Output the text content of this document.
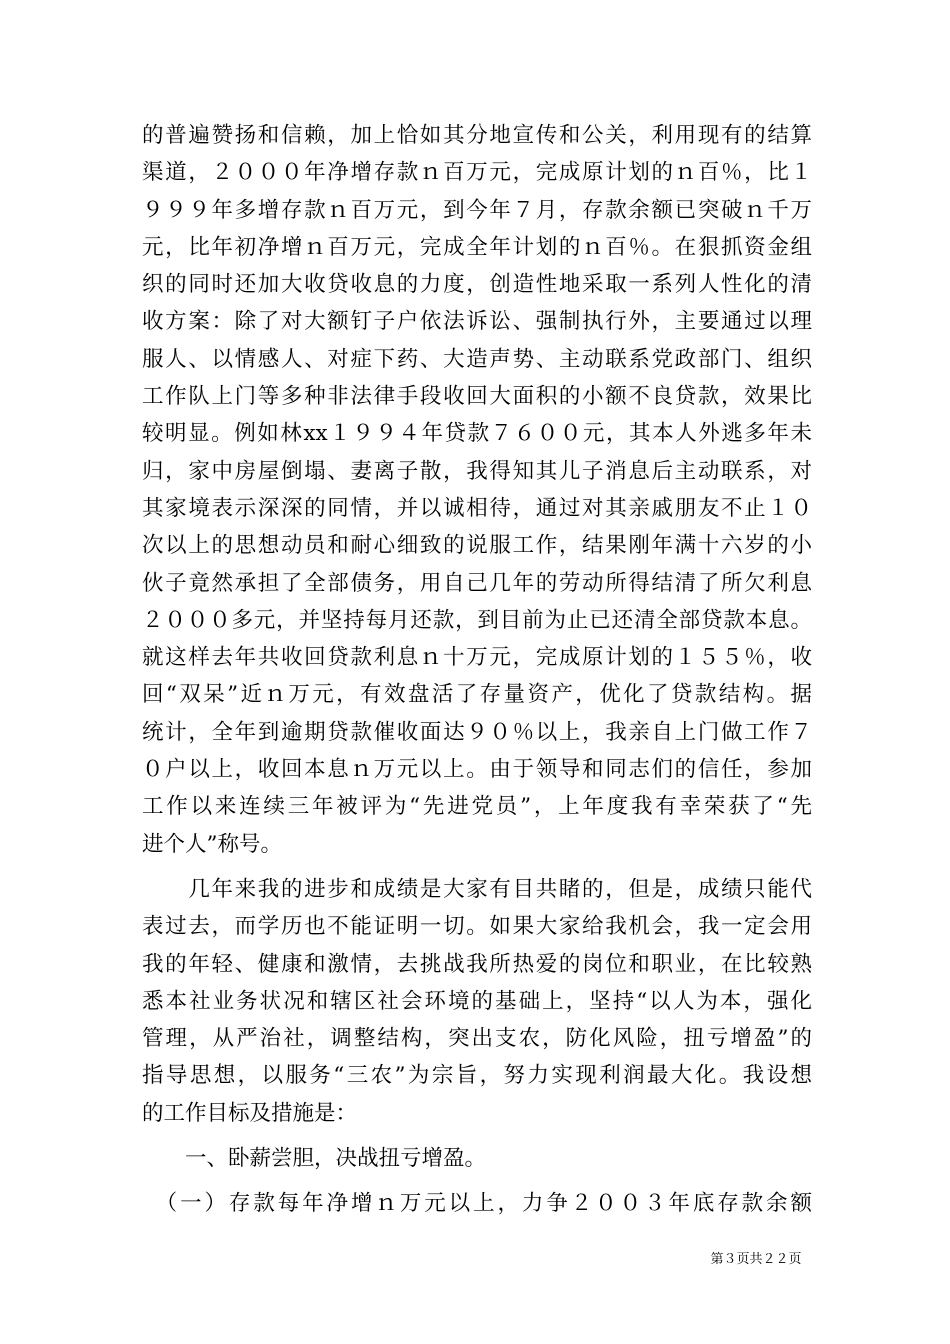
的普遍赞扬和信赖，加上恰如其分地宣传和公关，利用现有的结算
渠道，２０００年净增存款ｎ百万元，完成原计划的ｎ百％，比１
９９９年多增存款ｎ百万元，到今年７月，存款余额已突破ｎ千万
元，比年初净增ｎ百万元，完成全年计划的ｎ百％。在狠抓资金组
织的同时还加大收贷收息的力度，创造性地采取一系列人性化的清
收方案：除了对大额钉子户依法诉讼、强制执行外，主要通过以理
服人、以情感人、对症下药、大造声势、主动联系党政部门、组织
工作队上门等多种非法律手段收回大面积的小额不良贷款，效果比
较明显。例如林xx１９９４年贷款７６００元，其本人外逃多年未
归，家中房屋倒塌、妻离子散，我得知其儿子消息后主动联系，对
其家境表示深深的同情，并以诚相待，通过对其亲戚朋友不止１０
次以上的思想动员和耐心细致的说服工作，结果刚年满十六岁的小
伙子竟然承担了全部债务，用自己几年的劳动所得结清了所欠利息
２０００多元，并坚持每月还款，到目前为止已还清全部贷款本息。
就这样去年共收回贷款利息ｎ十万元，完成原计划的１５５％，收
回“双呆”近ｎ万元，有效盘活了存量资产，优化了贷款结构。据
统计，全年到逾期贷款催收面达９０％以上，我亲自上门做工作７
０户以上，收回本息ｎ万元以上。由于领导和同志们的信任，参加
工作以来连续三年被评为“先进党员”，上年度我有幸荣获了“先
进个人”称号。
　　几年来我的进步和成绩是大家有目共睹的，但是，成绩只能代
表过去，而学历也不能证明一切。如果大家给我机会，我一定会用
我的年轻、健康和激情，去挑战我所热爱的岗位和职业，在比较熟
悉本社业务状况和辖区社会环境的基础上，坚持“以人为本，强化
管理，从严治社，调整结构，突出支农，防化风险，扭亏增盈”的
指导思想，以服务“三农”为宗旨，努力实现利润最大化。我设想
的工作目标及措施是：
　　一、卧薪尝胆，决战扭亏增盈。
　（一）存款每年净增ｎ万元以上，力争２００３年底存款余额
第３页共２２页
